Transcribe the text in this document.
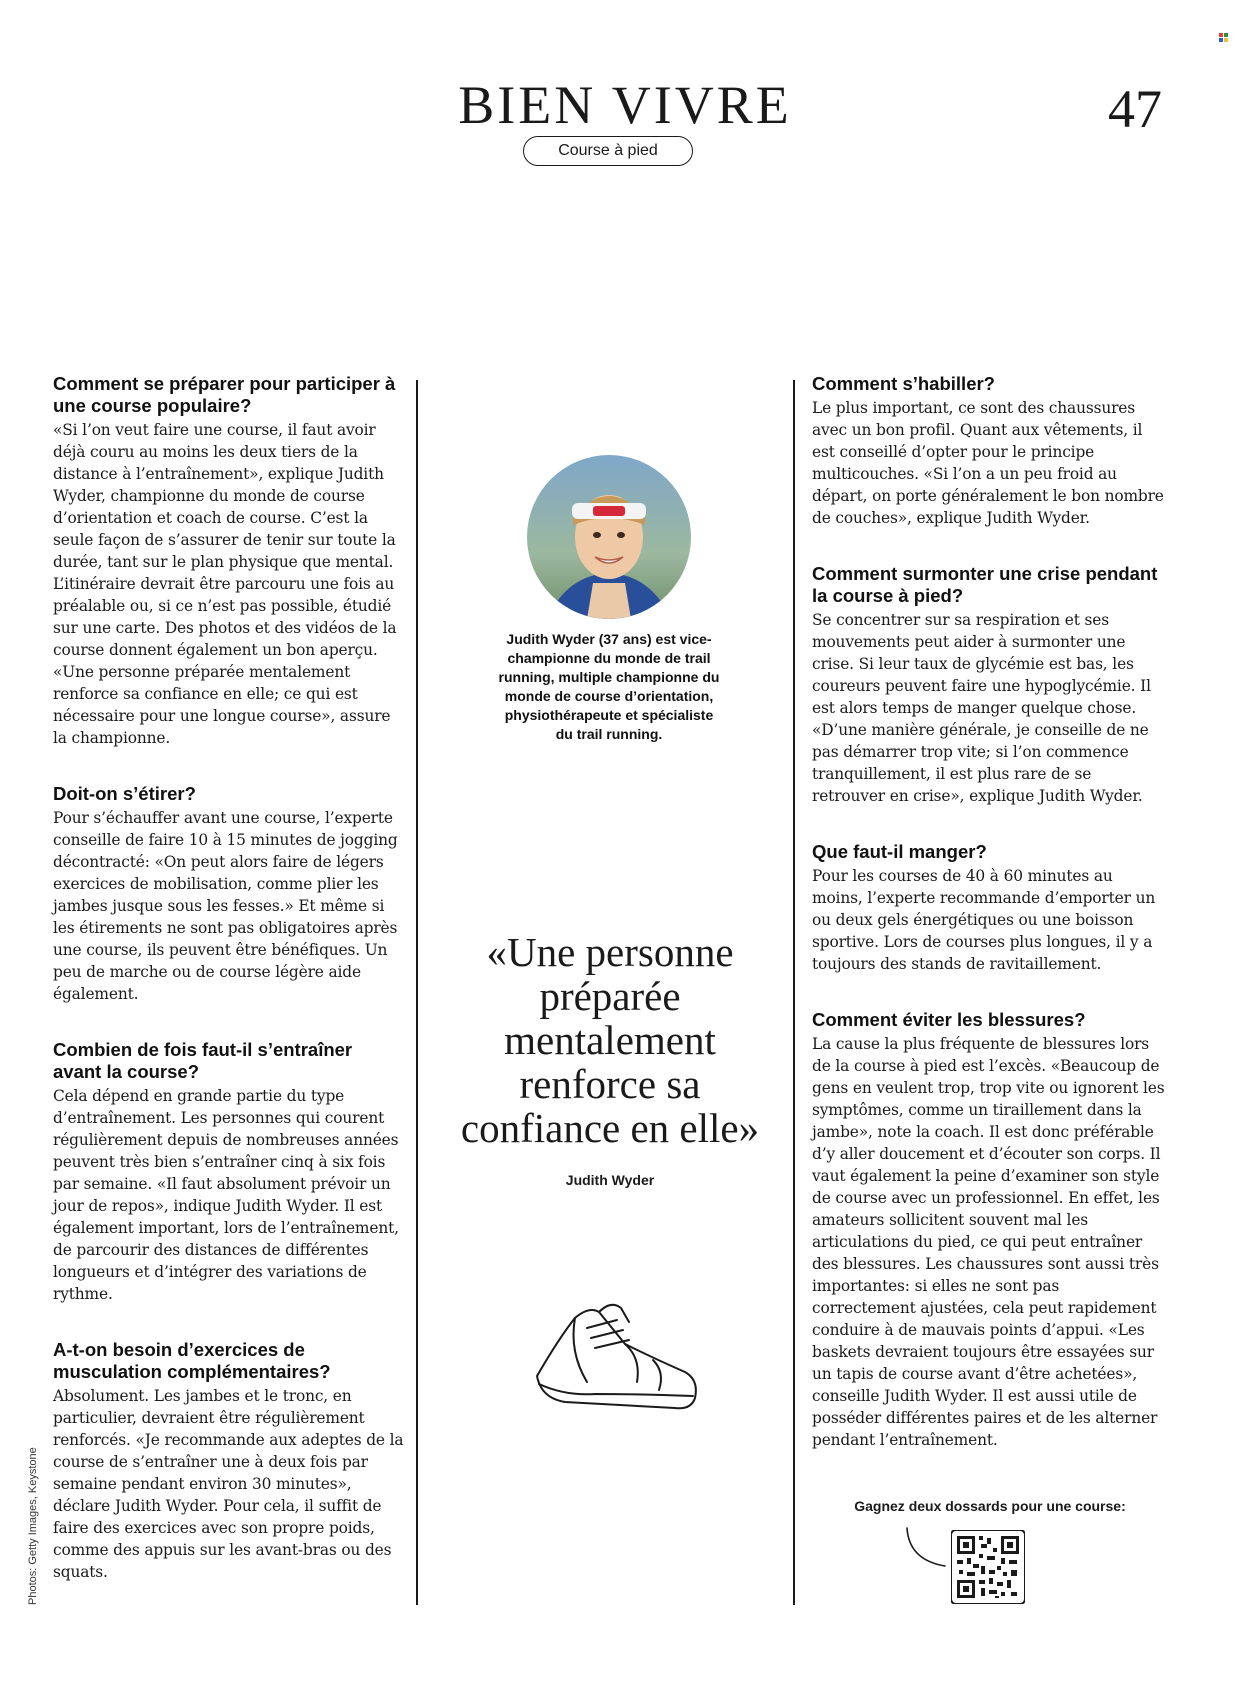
BIEN VIVRE	47
Course à pied

Comment se préparer pour participer à une course populaire?

«Si l’on veut faire une course, il faut avoir déjà couru au moins les deux tiers de la distance à l’entraînement», explique Judith Wyder, championne du monde de course d’orientation et coach de course. C’est la seule façon de s’assurer de tenir sur toute la durée, tant sur le plan physique que mental. L’itinéraire devrait être parcouru une fois au préalable ou, si ce n’est pas possible, étudié sur une carte. Des photos et des vidéos de la course donnent également un bon aperçu. «Une personne préparée mentalement renforce sa confiance en elle; ce qui est nécessaire pour une longue course», assure la championne.

Doit-on s’étirer?

Pour s’échauffer avant une course, l’experte conseille de faire 10 à 15 minutes de jogging décontracté: «On peut alors faire de légers exercices de mobilisation, comme plier les jambes jusque sous les fesses.» Et même si les étirements ne sont pas obligatoires après une course, ils peuvent être bénéfiques. Un peu de marche ou de course légère aide également.

Combien de fois faut-il s’entraîner avant la course?

Cela dépend en grande partie du type d’entraînement. Les personnes qui courent régulièrement depuis de nombreuses années peuvent très bien s’entraîner cinq à six fois par semaine. «Il faut absolument prévoir un jour de repos», indique Judith Wyder. Il est également important, lors de l’entraînement, de parcourir des distances de différentes longueurs et d’intégrer des variations de rythme.

A-t-on besoin d’exercices de musculation complémentaires?

Absolument. Les jambes et le tronc, en particulier, devraient être régulièrement renforcés. «Je recommande aux adeptes de la course de s’entraîner une à deux fois par semaine pendant environ 30 minutes», déclare Judith Wyder. Pour cela, il suffit de faire des exercices avec son propre poids, comme des appuis sur les avant-bras ou des squats.

Judith Wyder (37 ans) est vice-championne du monde de trail running, multiple championne du monde de course d’orientation, physiothérapeute et spécialiste du trail running.
«Une personne préparée mentalement renforce sa confiance en elle»
Judith Wyder

Comment s’habiller?

Le plus important, ce sont des chaussures avec un bon profil. Quant aux vêtements, il est conseillé d’opter pour le principe multicouches. «Si l’on a un peu froid au départ, on porte généralement le bon nombre de couches», explique Judith Wyder.

Comment surmonter une crise pendant la course à pied?

Se concentrer sur sa respiration et ses mouvements peut aider à surmonter une crise. Si leur taux de glycémie est bas, les coureurs peuvent faire une hypoglycémie. Il est alors temps de manger quelque chose. «D’une manière générale, je conseille de ne pas démarrer trop vite; si l’on commence tranquillement, il est plus rare de se retrouver en crise», explique Judith Wyder.

Que faut-il manger?

Pour les courses de 40 à 60 minutes au moins, l’experte recommande d’emporter un ou deux gels énergétiques ou une boisson sportive. Lors de courses plus longues, il y a toujours des stands de ravitaillement.

Comment éviter les blessures?

La cause la plus fréquente de blessures lors de la course à pied est l’excès. «Beaucoup de gens en veulent trop, trop vite ou ignorent les symptômes, comme un tiraillement dans la jambe», note la coach. Il est donc préférable d’y aller doucement et d’écouter son corps. Il vaut également la peine d’examiner son style de course avec un professionnel. En effet, les amateurs sollicitent souvent mal les articulations du pied, ce qui peut entraîner des blessures. Les chaussures sont aussi très importantes: si elles ne sont pas correctement ajustées, cela peut rapidement conduire à de mauvais points d’appui. «Les baskets devraient toujours être essayées sur un tapis de course avant d’être achetées», conseille Judith Wyder. Il est aussi utile de posséder différentes paires et de les alterner pendant l’entraînement.

Gagnez deux dossards pour une course:
Photos: Getty Images, Keystone
